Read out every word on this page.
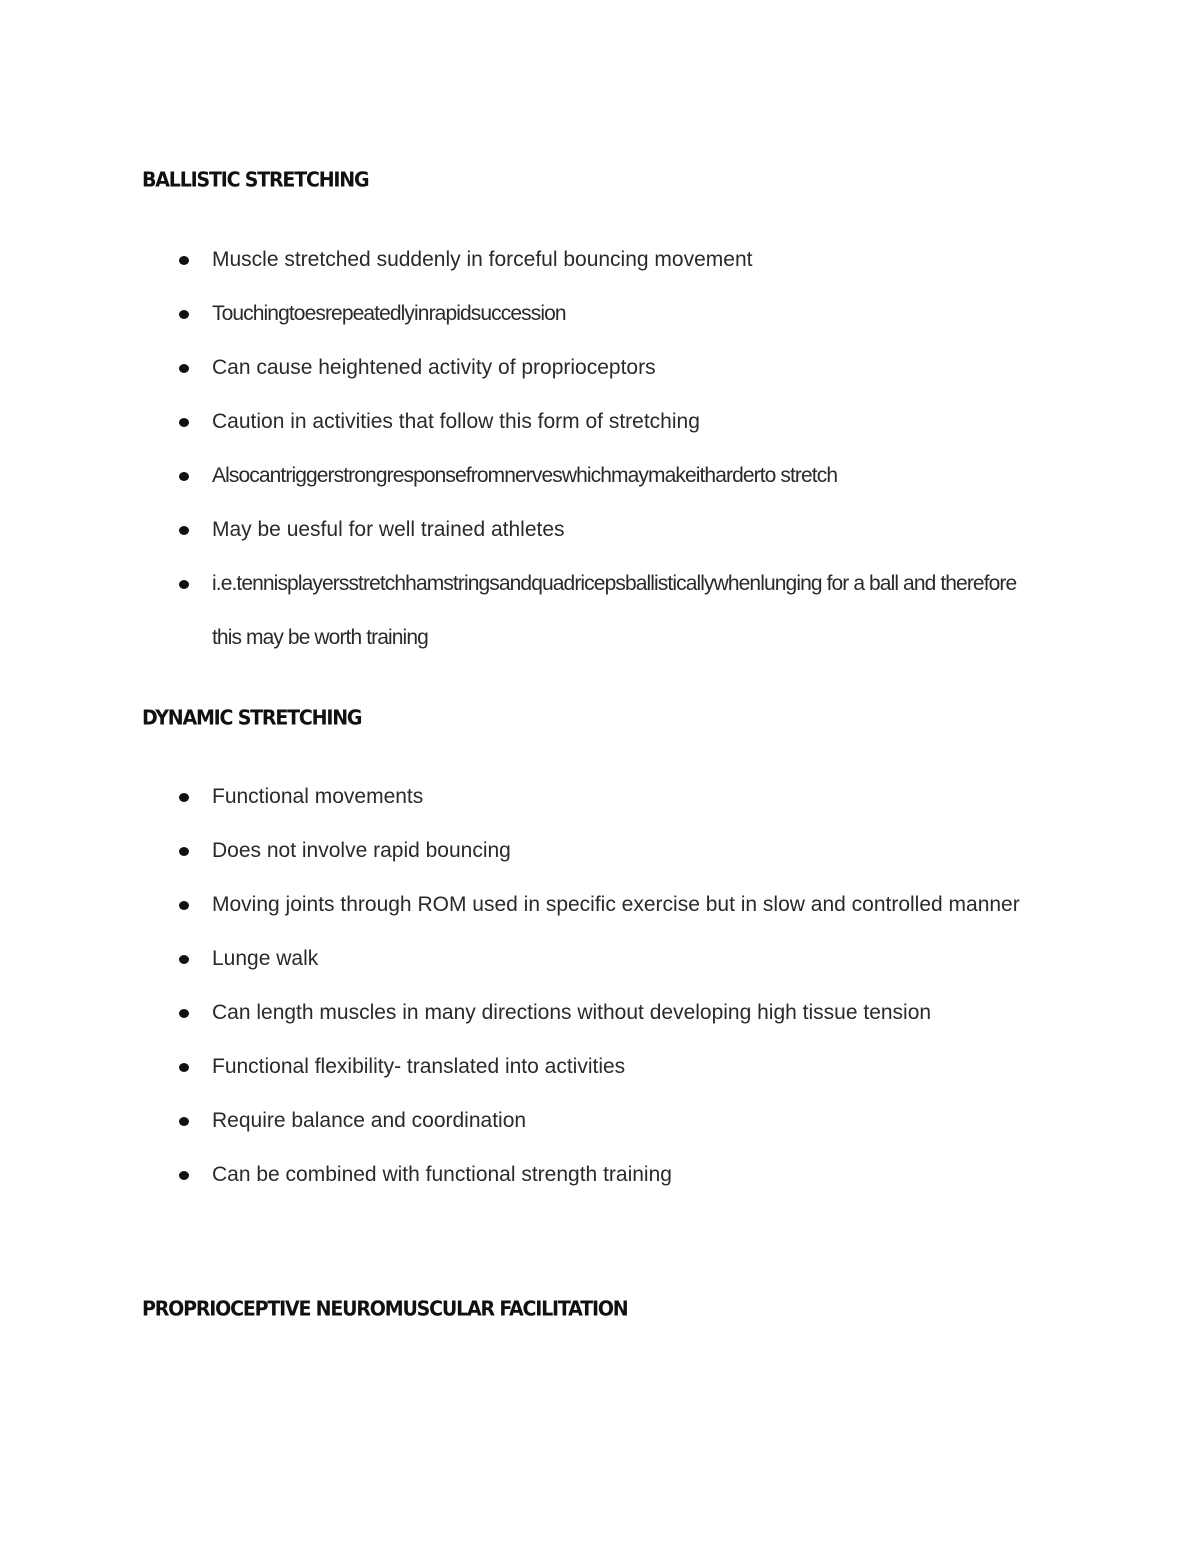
BALLISTIC STRETCHING
Muscle stretched suddenly in forceful bouncing movement
Touchingtoesrepeatedlyinrapidsuccession
Can cause heightened activity of proprioceptors
Caution in activities that follow this form of stretching
Alsocantriggerstrongresponsefromnerveswhichmaymakeitharderto stretch
May be uesful for well trained athletes
i.e.tennisplayersstretchhamstringsandquadricepsballisticallywhenlunging for a ball and therefore this may be worth training
DYNAMIC STRETCHING
Functional movements
Does not involve rapid bouncing
Moving joints through ROM used in specific exercise but in slow and controlled manner
Lunge walk
Can length muscles in many directions without developing high tissue tension
Functional flexibility- translated into activities
Require balance and coordination
Can be combined with functional strength training
PROPRIOCEPTIVE NEUROMUSCULAR FACILITATION
